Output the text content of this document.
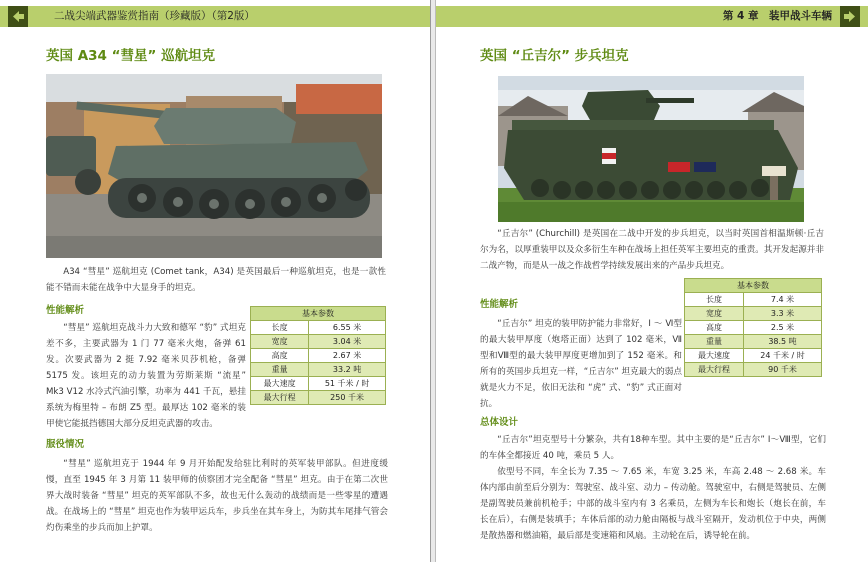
二战尖端武器鉴赏指南（珍藏版）（第2版）
英国 A34 “彗星” 巡航坦克

A34 “彗星” 巡航坦克 (Comet tank，A34) 是英国最后一种巡航坦克，也是一款性能不错而未能在战争中大显身手的坦克。

性能解析

“彗星” 巡航坦克战斗力大致和德军 “豹” 式坦克差不多，主要武器为 1 门 77 毫米火炮，备弹 61 发。次要武器为 2 挺 7.92 毫米贝莎机枪，备弹 5175 发。该坦克的动力装置为劳斯莱斯 “流星” Mk3 V12 水冷式汽油引擎，功率为 441 千瓦，悬挂系统为梅里特 – 布朗 Z5 型。最厚达 102 毫米的装甲使它能抵挡德国大部分反坦克武器的攻击。

基本参数	
长度	6.55 米
宽度	3.04 米
高度	2.67 米
重量	33.2 吨
最大速度	51 千米 / 时
最大行程	250 千米
服役情况

“彗星” 巡航坦克于 1944 年 9 月开始配发给驻比利时的英军装甲部队。但进度缓慢，直至 1945 年 3 月第 11 装甲师的侦察团才完全配备 “彗星” 坦克。由于在第二次世界大战时装备 “彗星” 坦克的英军部队不多，故也无什么轰动的战绩而是一些零星的遭遇战。在战场上的 “彗星” 坦克也作为装甲运兵车，步兵坐在其车身上，为防其车尾排气管会灼伤乘坐的步兵而加上护罩。

第 4 章　装甲战斗车辆
英国 “丘吉尔” 步兵坦克

“丘吉尔” (Churchill) 是英国在二战中开发的步兵坦克，以当时英国首相温斯顿·丘吉尔为名，以厚重装甲以及众多衍生车种在战场上担任英军主要坦克的重责。其开发起源并非二战产物，而是从一战之作战哲学持续发展出来的产品步兵坦克。

性能解析

“丘吉尔” 坦克的装甲防护能力非常好，Ⅰ ～ Ⅵ型的最大装甲厚度（炮塔正面）达到了 102 毫米，Ⅶ型和Ⅷ型的最大装甲厚度更增加到了 152 毫米。和所有的英国步兵坦克一样，“丘吉尔” 坦克最大的弱点就是火力不足，依旧无法和 “虎” 式、“豹” 式正面对抗。

基本参数	
长度	7.4 米
宽度	3.3 米
高度	2.5 米
重量	38.5 吨
最大速度	24 千米 / 时
最大行程	90 千米
总体设计

“丘吉尔”坦克型号十分繁杂，共有18种车型。其中主要的是“丘吉尔” Ⅰ～Ⅷ型，它们的车体全都接近 40 吨，乘员 5 人。

依型号不同，车全长为 7.35 ～ 7.65 米，车宽 3.25 米，车高 2.48 ～ 2.68 米。车体内部由前至后分别为：驾驶室、战斗室、动力 – 传动舱。驾驶室中，右侧是驾驶员、左侧是副驾驶员兼前机枪手；中部的战斗室内有 3 名乘员，左侧为车长和炮长（炮长在前，车长在后），右侧是装填手；车体后部的动力舱由隔板与战斗室隔开，发动机位于中央，两侧是散热器和燃油箱，最后部是变速箱和风扇。主动轮在后，诱导轮在前。
